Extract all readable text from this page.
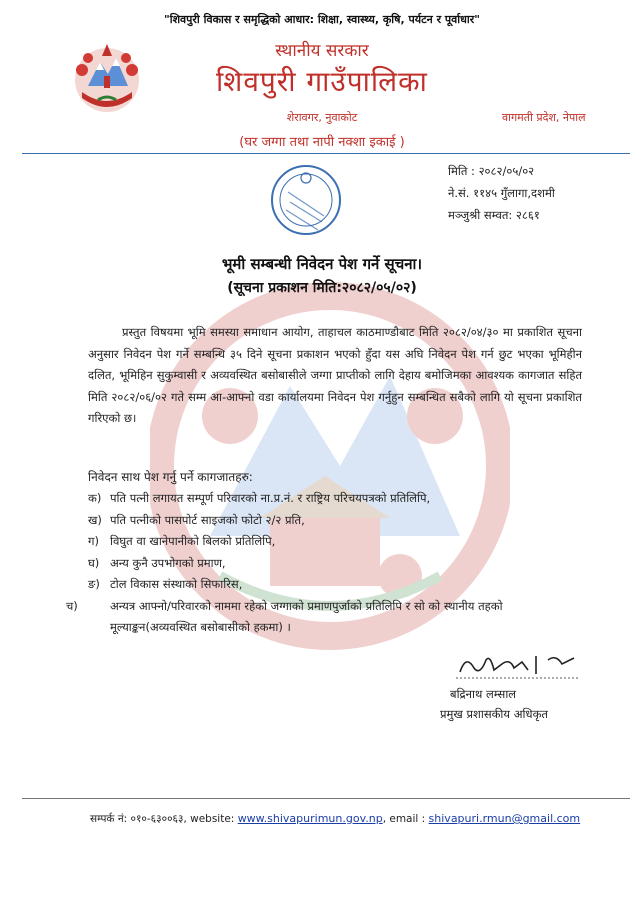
"शिवपुरी विकास र समृद्धिको आधार: शिक्षा, स्वास्थ्य, कृषि, पर्यटन र पूर्वाधार"
स्थानीय सरकार
शिवपुरी गाउँपालिका
शेरावगर, नुवाकोट	वागमती प्रदेश, नेपाल
(घर जग्गा तथा नापी नक्शा इकाई )
मिति : २०८२/०५/०२
ने.सं. ११४५ गुँलागा,दशमी
मञ्जुश्री सम्वत: २८६१
भूमी सम्बन्धी निवेदन पेश गर्ने सूचना।
(सूचना प्रकाशन मिति:२०८२/०५/०२)
प्रस्तुत विषयमा भूमि समस्या समाधान आयोग, ताहाचल काठमाण्डौबाट मिति २०८२/०४/३० मा प्रकाशित सूचना अनुसार निवेदन पेश गर्ने सम्बन्धि ३५ दिने सूचना प्रकाशन भएको हुँदा यस अघि निवेदन पेश गर्न छुट भएका भूमिहीन दलित, भूमिहिन सुकुम्वासी र अव्यवस्थित बसोबासीले जग्गा प्राप्तीको लागि देहाय बमोजिमका आवश्यक कागजात सहित मिति २०८२/०६/०२ गते सम्म आ-आफ्नो वडा कार्यालयमा निवेदन पेश गर्नुहुन सम्बन्धित सबैको लागि यो सूचना प्रकाशित गरिएको छ।
निवेदन साथ पेश गर्नु पर्ने कागजातहरु:
क) पति पत्नी लगायत सम्पूर्ण परिवारको ना.प्र.नं. र राष्ट्रिय परिचयपत्रको प्रतिलिपि,
ख) पति पत्नीको पासपोर्ट साइजको फोटो २/२ प्रति,
ग) विघुत वा खानेपानीको बिलको प्रतिलिपि,
घ) अन्य कुनै उपभोगको प्रमाण,
ङ) टोल विकास संस्थाको सिफारिस,
च)	अन्यत्र आफ्नो/परिवारको नाममा रहेको जग्गाको प्रमाणपुर्जाको प्रतिलिपि र सो को स्थानीय तहको मूल्याङ्कन(अव्यवस्थित बसोबासीको हकमा) ।
बद्रिनाथ लम्साल
प्रमुख प्रशासकीय अधिकृत
सम्पर्क नं: ०१०-६३००६३, website: www.shivapurimun.gov.np, email : shivapuri.rmun@gmail.com
